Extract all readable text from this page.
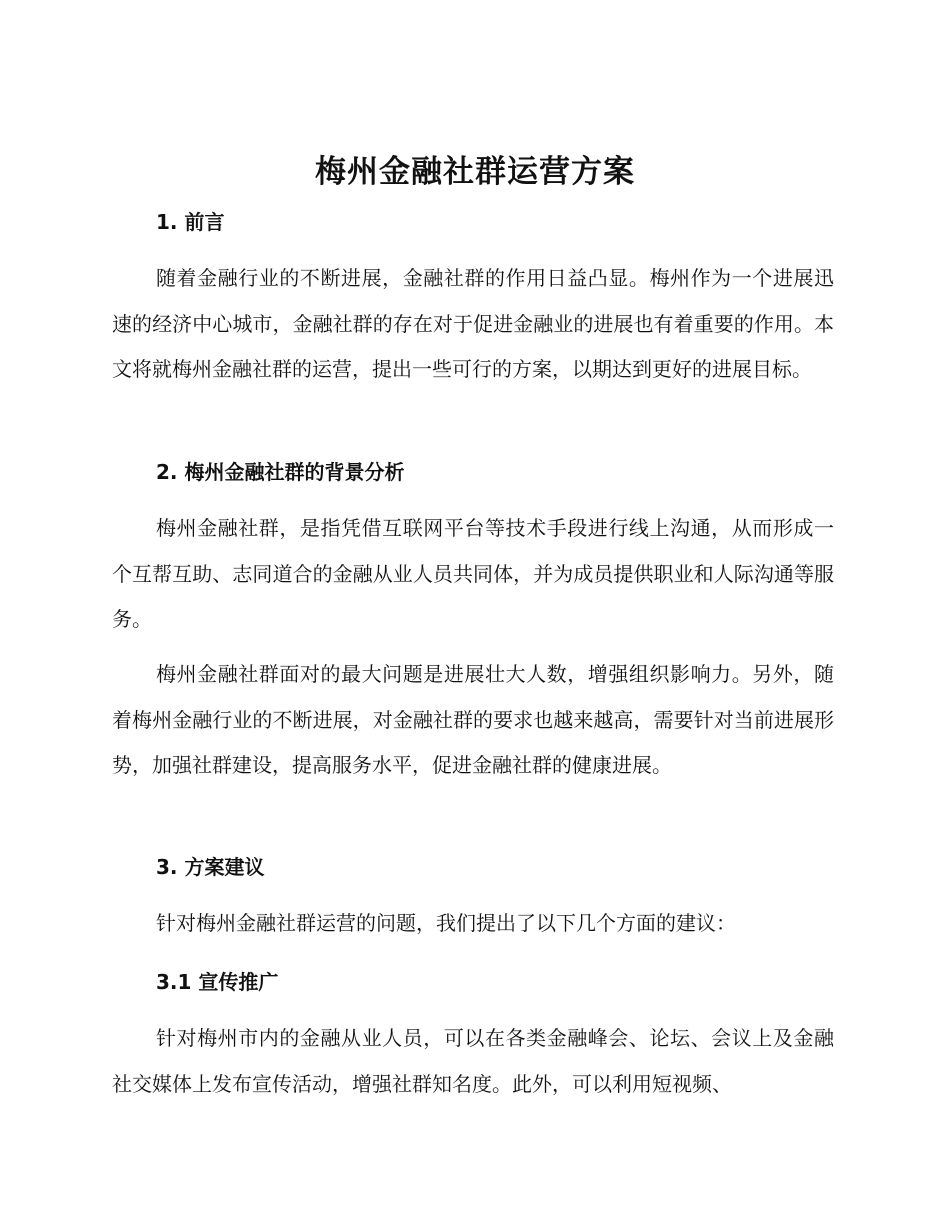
梅州金融社群运营方案
1. 前言

随着金融行业的不断进展，金融社群的作用日益凸显。梅州作为一个进展迅速的经济中心城市，金融社群的存在对于促进金融业的进展也有着重要的作用。本文将就梅州金融社群的运营，提出一些可行的方案，以期达到更好的进展目标。

2. 梅州金融社群的背景分析

梅州金融社群，是指凭借互联网平台等技术手段进行线上沟通，从而形成一个互帮互助、志同道合的金融从业人员共同体，并为成员提供职业和人际沟通等服务。

梅州金融社群面对的最大问题是进展壮大人数，增强组织影响力。另外，随着梅州金融行业的不断进展，对金融社群的要求也越来越高，需要针对当前进展形势，加强社群建设，提高服务水平，促进金融社群的健康进展。

3. 方案建议

针对梅州金融社群运营的问题，我们提出了以下几个方面的建议：

3.1 宣传推广

针对梅州市内的金融从业人员，可以在各类金融峰会、论坛、会议上及金融社交媒体上发布宣传活动，增强社群知名度。此外，可以利用短视频、
